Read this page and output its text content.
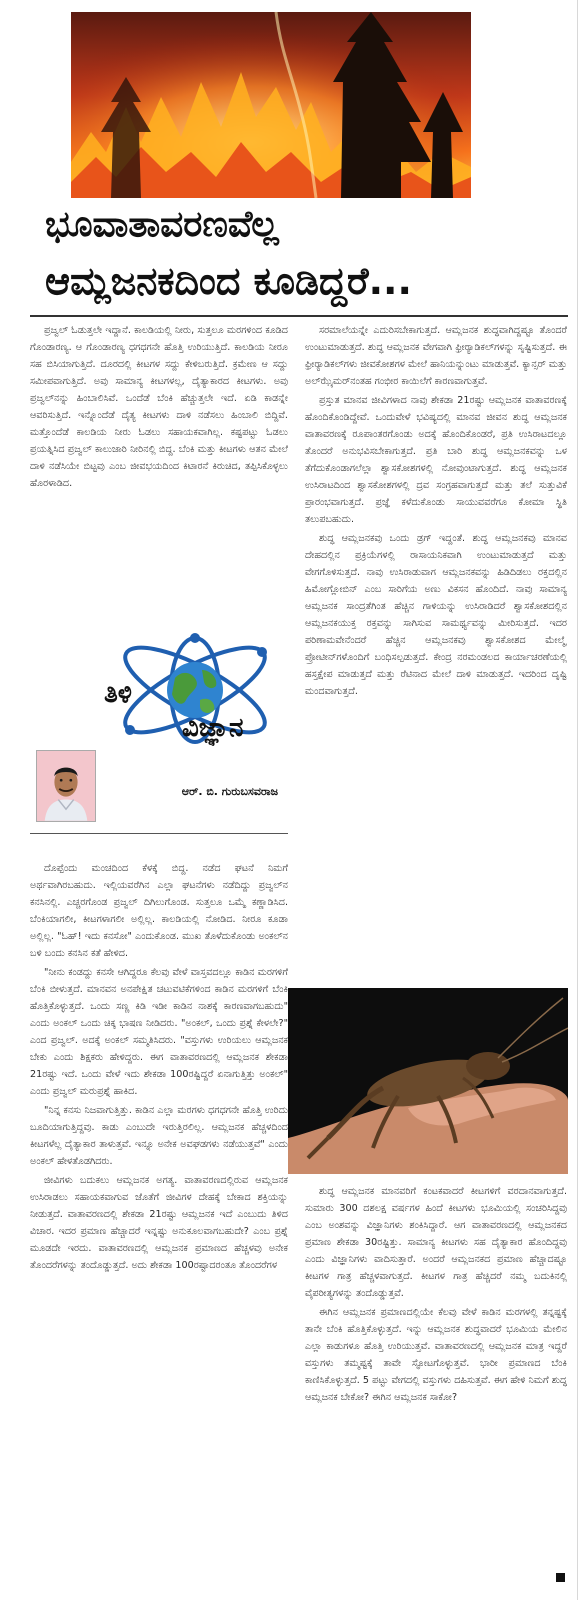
ಭೂವಾತಾವರಣವೆಲ್ಲ
ಆಮ್ಲಜನಕದಿಂದ ಕೂಡಿದ್ದರೆ...

ಪ್ರಜ್ವಲ್ ಓಡುತ್ತಲೇ ಇದ್ದಾನೆ. ಕಾಲಡಿಯಲ್ಲಿ ನೀರು, ಸುತ್ತಲೂ ಮರಗಳಿಂದ ಕೂಡಿದ ಗೊಂಡಾರಣ್ಯ. ಆ ಗೊಂಡಾರಣ್ಯ ಧಗಧಗನೇ ಹೊತ್ತಿ ಉರಿಯುತ್ತಿದೆ. ಕಾಲಡಿಯ ನೀರೂ ಸಹ ಬಿಸಿಯಾಗುತ್ತಿದೆ. ದೂರದಲ್ಲಿ ಕೀಟಗಳ ಸದ್ದು ಕೇಳಿಬರುತ್ತಿದೆ. ಕ್ರಮೇಣ ಆ ಸದ್ದು ಸಮೀಪವಾಗುತ್ತಿದೆ. ಅವು ಸಾಮಾನ್ಯ ಕೀಟಗಳಲ್ಲ, ದೈತ್ಯಾಕಾರದ ಕೀಟಗಳು. ಅವು ಪ್ರಜ್ವಲ್‌ನನ್ನು ಹಿಂಬಾಲಿಸಿವೆ. ಒಂದೆಡೆ ಬೆಂಕಿ ಹೆಚ್ಚುತ್ತಲೇ ಇದೆ. ಏಡಿ ಕಾಡನ್ನೇ ಆವರಿಸುತ್ತಿದೆ. ಇನ್ನೊಂದೆಡೆ ದೈತ್ಯ ಕೀಟಗಳು ದಾಳಿ ನಡೆಸಲು ಹಿಂಬಾಲಿ ಬಿದ್ದಿವೆ. ಮತ್ತೊಂದೆಡೆ ಕಾಲಡಿಯ ನೀರು ಓಡಲು ಸಹಾಯಕವಾಗಿಲ್ಲ. ಕಷ್ಟಪಟ್ಟು ಓಡಲು ಪ್ರಯತ್ನಿಸಿದ ಪ್ರಜ್ವಲ್ ಕಾಲುಜಾರಿ ನೀರಿನಲ್ಲಿ ಬಿದ್ದ. ಬೆಂಕಿ ಮತ್ತು ಕೀಟಗಳು ಆತನ ಮೇಲೆ ದಾಳಿ ನಡೆಸಿಯೇ ಬಿಟ್ಟವು ಎಂಬ ಜೀವಭಯದಿಂದ ಕಿಟಾರನೆ ಕಿರುಚಿದ, ತಪ್ಪಿಸಿಕೊಳ್ಳಲು ಹೊರಳಾಡಿದ.

ಸರಮಾಲೆಯನ್ನೇ ಎದುರಿಸಬೇಕಾಗುತ್ತದೆ. ಆಮ್ಲಜನಕ ಶುದ್ಧವಾಗಿದ್ದಷ್ಟೂ ತೊಂದರೆ ಉಂಟುಮಾಡುತ್ತದೆ. ಶುದ್ಧ ಆಮ್ಲಜನಕ ವೇಗವಾಗಿ ಫ್ರೀರ್‍ಯಾಡಿಕಲ್‌ಗಳನ್ನು ಸೃಷ್ಟಿಸುತ್ತದೆ. ಈ ಫ್ರೀರ್‍ಯಾಡಿಕಲ್‌ಗಳು ಜೀವಕೋಶಗಳ ಮೇಲೆ ಹಾನಿಯನ್ನುಂಟು ಮಾಡುತ್ತವೆ. ಕ್ಯಾನ್ಸರ್ ಮತ್ತು ಅಲ್‌ಝೈಮರ್‌ನಂತಹ ಗಂಭೀರ ಕಾಯಿಲೆಗೆ ಕಾರಣವಾಗುತ್ತವೆ.

ಪ್ರಸ್ತುತ ಮಾನವ ಜೀವಿಗಳಾದ ನಾವು ಶೇಕಡಾ 21ರಷ್ಟು ಆಮ್ಲಜನಕ ವಾತಾವರಣಕ್ಕೆ ಹೊಂದಿಕೊಂಡಿದ್ದೇವೆ. ಒಂದುವೇಳೆ ಭವಿಷ್ಯದಲ್ಲಿ ಮಾನವ ಜೀವನ ಶುದ್ಧ ಆಮ್ಲಜನಕ ವಾತಾವರಣಕ್ಕೆ ರೂಪಾಂತರಗೊಂಡು ಅದಕ್ಕೆ ಹೊಂದಿಕೊಂಡರೆ, ಪ್ರತಿ ಉಸಿರಾಟದಲ್ಲೂ ತೊಂದರೆ ಅನುಭವಿಸಬೇಕಾಗುತ್ತದೆ. ಪ್ರತಿ ಬಾರಿ ಶುದ್ಧ ಆಮ್ಲಜನಕವನ್ನು ಒಳ ತೆಗೆದುಕೊಂಡಾಗಲೆಲ್ಲಾ ಶ್ವಾಸಕೋಶಗಳಲ್ಲಿ ನೋವುಂಟಾಗುತ್ತದೆ. ಶುದ್ಧ ಆಮ್ಲಜನಕ ಉಸಿರಾಟದಿಂದ ಶ್ವಾಸಕೋಶಗಳಲ್ಲಿ ದ್ರವ ಸಂಗ್ರಹವಾಗುತ್ತದೆ ಮತ್ತು ತಲೆ ಸುತ್ತುವಿಕೆ ಪ್ರಾರಂಭವಾಗುತ್ತದೆ. ಪ್ರಜ್ಞೆ ಕಳೆದುಕೊಂಡು ಸಾಯುವವರೆಗೂ ಕೋಮಾ ಸ್ಥಿತಿ ತಲುಪಬಹುದು.

ಶುದ್ಧ ಆಮ್ಲಜನಕವು ಒಂದು ಡ್ರಗ್ ಇದ್ದಂತೆ. ಶುದ್ಧ ಆಮ್ಲಜನಕವು ಮಾನವ ದೇಹದಲ್ಲಿನ ಪ್ರಕ್ರಿಯೆಗಳಲ್ಲಿ ರಾಸಾಯನಿಕವಾಗಿ ಉಂಟುಮಾಡುತ್ತದೆ ಮತ್ತು ವೇಗಗೊಳಿಸುತ್ತದೆ. ನಾವು ಉಸಿರಾಡುವಾಗ ಆಮ್ಲಜನಕವನ್ನು ಹಿಡಿದಿಡಲು ರಕ್ತದಲ್ಲಿನ ಹಿಮೋಗ್ಲೋಬಿನ್ ಎಂಬ ಸಾರಿಗೆಯ ಅಣು ವಿಕಸನ ಹೊಂದಿದೆ. ನಾವು ಸಾಮಾನ್ಯ ಆಮ್ಲಜನಕ ಸಾಂದ್ರತೆಗಿಂತ ಹೆಚ್ಚಿನ ಗಾಳಿಯನ್ನು ಉಸಿರಾಡಿದರೆ ಶ್ವಾಸಕೋಶದಲ್ಲಿನ ಆಮ್ಲಜನಕಯುಕ್ತ ರಕ್ತವನ್ನು ಸಾಗಿಸುವ ಸಾಮರ್ಥ್ಯವನ್ನು ಮೀರಿಸುತ್ತದೆ. ಇದರ ಪರಿಣಾಮವೇನೆಂದರೆ ಹೆಚ್ಚಿನ ಆಮ್ಲಜನಕವು ಶ್ವಾಸಕೋಶದ ಮೇಲ್ಮೈ ಪ್ರೋಟೀನ್‌ಗಳೊಂದಿಗೆ ಬಂಧಿಸಲ್ಪಡುತ್ತದೆ. ಕೇಂದ್ರ ನರಮಂಡಲದ ಕಾರ್ಯಾಚರಣೆಯಲ್ಲಿ ಹಸ್ತಕ್ಷೇಪ ಮಾಡುತ್ತದೆ ಮತ್ತು ರೆಟಿನಾದ ಮೇಲೆ ದಾಳಿ ಮಾಡುತ್ತದೆ. ಇದರಿಂದ ದೃಷ್ಟಿ ಮಂದವಾಗುತ್ತದೆ.

ತಿಳಿ
ವಿಜ್ಞಾನ
ಆರ್. ಬಿ. ಗುರುಬಸವರಾಜ

ದೊಪ್ಪೆಂದು ಮಂಚದಿಂದ ಕೆಳಕ್ಕೆ ಬಿದ್ದ. ನಡೆದ ಘಟನೆ ನಿಮಗೆ ಅರ್ಥವಾಗಿರಬಹುದು. ಇಲ್ಲಿಯವರೆಗಿನ ಎಲ್ಲಾ ಘಟನೆಗಳು ನಡೆದಿದ್ದು ಪ್ರಜ್ವಲ್‌ನ ಕನಸಿನಲ್ಲಿ. ಎಚ್ಚರಗೊಂಡ ಪ್ರಜ್ವಲ್ ದಿಗಿಲುಗೊಂಡ. ಸುತ್ತಲೂ ಒಮ್ಮೆ ಕಣ್ಣಾಡಿಸಿದ. ಬೆಂಕಿಯಾಗಲೀ, ಕೀಟಗಳಾಗಲೀ ಅಲ್ಲಿಲ್ಲ. ಕಾಲಡಿಯಲ್ಲಿ ನೋಡಿದ. ನೀರೂ ಕೂಡಾ ಅಲ್ಲಿಲ್ಲ. "ಓಹ್! ಇದು ಕನಸೋ" ಎಂದುಕೊಂಡ. ಮುಖ ತೊಳೆದುಕೊಂಡು ಅಂಕಲ್‌ನ ಬಳಿ ಬಂದು ಕನಸಿನ ಕತೆ ಹೇಳಿದ.

"ನೀನು ಕಂಡದ್ದು ಕನಸೇ ಆಗಿದ್ದರೂ ಕೆಲವು ವೇಳೆ ವಾಸ್ತವದಲ್ಲೂ ಕಾಡಿನ ಮರಗಳಿಗೆ ಬೆಂಕಿ ಬೀಳುತ್ತದೆ. ಮಾನವನ ಅನಪೇಕ್ಷಿತ ಚಟುವಟಿಕೆಗಳಿಂದ ಕಾಡಿನ ಮರಗಳಿಗೆ ಬೆಂಕಿ ಹೊತ್ತಿಕೊಳ್ಳುತ್ತದೆ. ಒಂದು ಸಣ್ಣ ಕಿಡಿ ಇಡೀ ಕಾಡಿನ ನಾಶಕ್ಕೆ ಕಾರಣವಾಗಬಹುದು" ಎಂದು ಅಂಕಲ್ ಒಂದು ಚಿಕ್ಕ ಭಾಷಣ ನೀಡಿದರು. "ಅಂಕಲ್, ಒಂದು ಪ್ರಶ್ನೆ ಕೇಳಲೇ?" ಎಂದ ಪ್ರಜ್ವಲ್. ಅದಕ್ಕೆ ಅಂಕಲ್ ಸಮ್ಮತಿಸಿದರು. "ವಸ್ತುಗಳು ಉರಿಯಲು ಆಮ್ಲಜನಕ ಬೇಕು ಎಂದು ಶಿಕ್ಷಕರು ಹೇಳಿದ್ದರು. ಈಗ ವಾತಾವರಣದಲ್ಲಿ ಆಮ್ಲಜನಕ ಶೇಕಡಾ 21ರಷ್ಟು ಇದೆ. ಒಂದು ವೇಳೆ ಇದು ಶೇಕಡಾ 100ರಷ್ಟಿದ್ದರೆ ಏನಾಗುತ್ತಿತ್ತು ಅಂಕಲ್" ಎಂದು ಪ್ರಜ್ವಲ್ ಮರುಪ್ರಶ್ನೆ ಹಾಕಿದ.

"ನಿನ್ನ ಕನಸು ನಿಜವಾಗುತ್ತಿತ್ತು. ಕಾಡಿನ ಎಲ್ಲಾ ಮರಗಳು ಧಗಧಗನೇ ಹೊತ್ತಿ ಉರಿದು ಬೂದಿಯಾಗುತ್ತಿದ್ದವು. ಕಾಡು ಎಂಬುದೇ ಇರುತ್ತಿರಲಿಲ್ಲ. ಆಮ್ಲಜನಕ ಹೆಚ್ಚಳದಿಂದ ಕೀಟಗಳೆಲ್ಲ ದೈತ್ಯಾಕಾರ ತಾಳುತ್ತವೆ. ಇನ್ನೂ ಅನೇಕ ಅವಘಡಗಳು ನಡೆಯುತ್ತವೆ" ಎಂದು ಅಂಕಲ್ ಹೇಳತೊಡಗಿದರು.

ಜೀವಿಗಳು ಬದುಕಲು ಆಮ್ಲಜನಕ ಅಗತ್ಯ. ವಾತಾವರಣದಲ್ಲಿರುವ ಆಮ್ಲಜನಕ ಉಸಿರಾಡಲು ಸಹಾಯಕವಾಗುವ ಜೊತೆಗೆ ಜೀವಿಗಳ ದೇಹಕ್ಕೆ ಬೇಕಾದ ಶಕ್ತಿಯನ್ನು ನೀಡುತ್ತದೆ. ವಾತಾವರಣದಲ್ಲಿ ಶೇಕಡಾ 21ರಷ್ಟು ಆಮ್ಲಜನಕ ಇದೆ ಎಂಬುದು ತಿಳಿದ ವಿಚಾರ. ಇದರ ಪ್ರಮಾಣ ಹೆಚ್ಚಾದರೆ ಇನ್ನಷ್ಟು ಅನುಕೂಲವಾಗಬಹುದೇ? ಎಂಬ ಪ್ರಶ್ನೆ ಮೂಡದೇ ಇರದು. ವಾತಾವರಣದಲ್ಲಿ ಆಮ್ಲಜನಕ ಪ್ರಮಾಣದ ಹೆಚ್ಚಳವು ಅನೇಕ ತೊಂದರೆಗಳನ್ನು ತಂದೊಡ್ಡುತ್ತದೆ. ಅದು ಶೇಕಡಾ 100ರಷ್ಟಾದರಂತೂ ತೊಂದರೆಗಳ

ಶುದ್ಧ ಆಮ್ಲಜನಕ ಮಾನವರಿಗೆ ಕಂಟಕವಾದರೆ ಕೀಟಗಳಿಗೆ ವರದಾನವಾಗುತ್ತದೆ. ಸುಮಾರು 300 ದಶಲಕ್ಷ ವರ್ಷಗಳ ಹಿಂದೆ ಕೀಟಗಳು ಭೂಮಿಯಲ್ಲಿ ಸಂಚರಿಸಿದ್ದವು ಎಂಬ ಅಂಶವನ್ನು ವಿಜ್ಞಾನಿಗಳು ಶಂಕಿಸಿದ್ದಾರೆ. ಆಗ ವಾತಾವರಣದಲ್ಲಿ ಆಮ್ಲಜನಕದ ಪ್ರಮಾಣ ಶೇಕಡಾ 30ರಷ್ಟಿತ್ತು. ಸಾಮಾನ್ಯ ಕೀಟಗಳು ಸಹ ದೈತ್ಯಾಕಾರ ಹೊಂದಿದ್ದವು ಎಂದು ವಿಜ್ಞಾನಿಗಳು ವಾದಿಸುತ್ತಾರೆ. ಅಂದರೆ ಆಮ್ಲಜನಕದ ಪ್ರಮಾಣ ಹೆಚ್ಚಾದಷ್ಟೂ ಕೀಟಗಳ ಗಾತ್ರ ಹೆಚ್ಚಳವಾಗುತ್ತದೆ. ಕೀಟಗಳ ಗಾತ್ರ ಹೆಚ್ಚಿದರೆ ನಮ್ಮ ಬದುಕಿನಲ್ಲಿ ವೈಪರೀತ್ಯಗಳನ್ನು ತಂದೊಡ್ಡುತ್ತವೆ.

ಈಗಿನ ಆಮ್ಲಜನಕ ಪ್ರಮಾಣದಲ್ಲಿಯೇ ಕೆಲವು ವೇಳೆ ಕಾಡಿನ ಮರಗಳಲ್ಲಿ ತನ್ನಷ್ಟಕ್ಕೆ ತಾನೇ ಬೆಂಕಿ ಹೊತ್ತಿಕೊಳ್ಳುತ್ತದೆ. ಇನ್ನು ಆಮ್ಲಜನಕ ಶುದ್ಧವಾದರೆ ಭೂಮಿಯ ಮೇಲಿನ ಎಲ್ಲಾ ಕಾಡುಗಳೂ ಹೊತ್ತಿ ಉರಿಯುತ್ತವೆ. ವಾತಾವರಣದಲ್ಲಿ ಆಮ್ಲಜನಕ ಮಾತ್ರ ಇದ್ದರೆ ವಸ್ತುಗಳು ತಮ್ಮಷ್ಟಕ್ಕೆ ತಾವೇ ಸ್ಫೋಟಗೊಳ್ಳುತ್ತವೆ. ಭಾರೀ ಪ್ರಮಾಣದ ಬೆಂಕಿ ಕಾಣಿಸಿಕೊಳ್ಳುತ್ತದೆ. 5 ಪಟ್ಟು ವೇಗದಲ್ಲಿ ವಸ್ತುಗಳು ದಹಿಸುತ್ತವೆ. ಈಗ ಹೇಳಿ ನಿಮಗೆ ಶುದ್ಧ ಆಮ್ಲಜನಕ ಬೇಕೋ? ಈಗಿನ ಆಮ್ಲಜನಕ ಸಾಕೋ?
